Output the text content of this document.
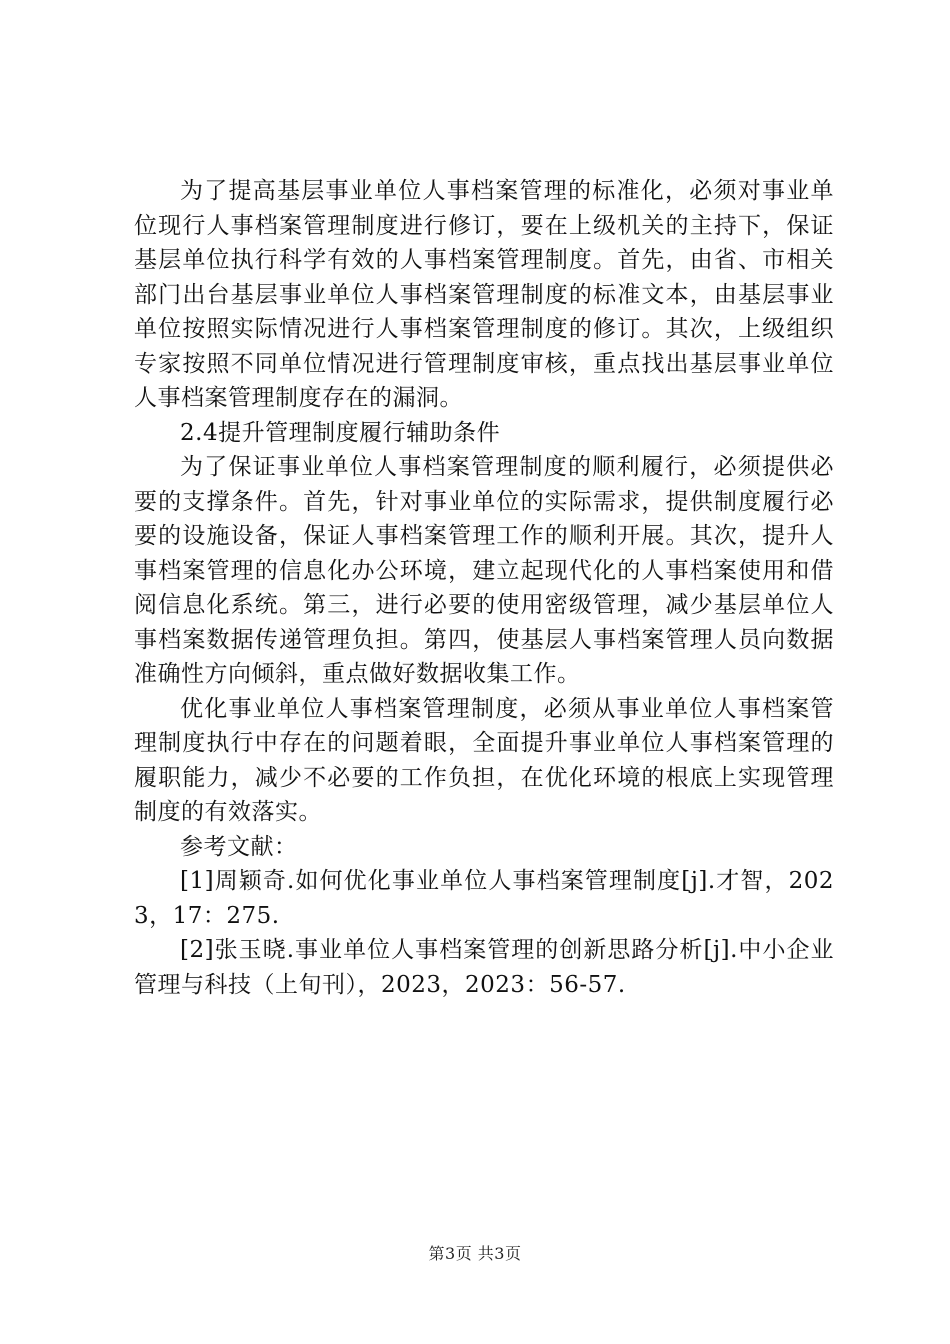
为了提高基层事业单位人事档案管理的标准化，必须对事业单位现行人事档案管理制度进行修订，要在上级机关的主持下，保证基层单位执行科学有效的人事档案管理制度。首先，由省、市相关部门出台基层事业单位人事档案管理制度的标准文本，由基层事业单位按照实际情况进行人事档案管理制度的修订。其次，上级组织专家按照不同单位情况进行管理制度审核，重点找出基层事业单位人事档案管理制度存在的漏洞。

2.4提升管理制度履行辅助条件

为了保证事业单位人事档案管理制度的顺利履行，必须提供必要的支撑条件。首先，针对事业单位的实际需求，提供制度履行必要的设施设备，保证人事档案管理工作的顺利开展。其次，提升人事档案管理的信息化办公环境，建立起现代化的人事档案使用和借阅信息化系统。第三，进行必要的使用密级管理，减少基层单位人事档案数据传递管理负担。第四，使基层人事档案管理人员向数据准确性方向倾斜，重点做好数据收集工作。

优化事业单位人事档案管理制度，必须从事业单位人事档案管理制度执行中存在的问题着眼，全面提升事业单位人事档案管理的履职能力，减少不必要的工作负担，在优化环境的根底上实现管理制度的有效落实。

参考文献：

[1]周颖奇.如何优化事业单位人事档案管理制度[j].才智，2023，17：275.

[2]张玉晓.事业单位人事档案管理的创新思路分析[j].中小企业管理与科技（上旬刊），2023，2023：56-57.

第3页 共3页
